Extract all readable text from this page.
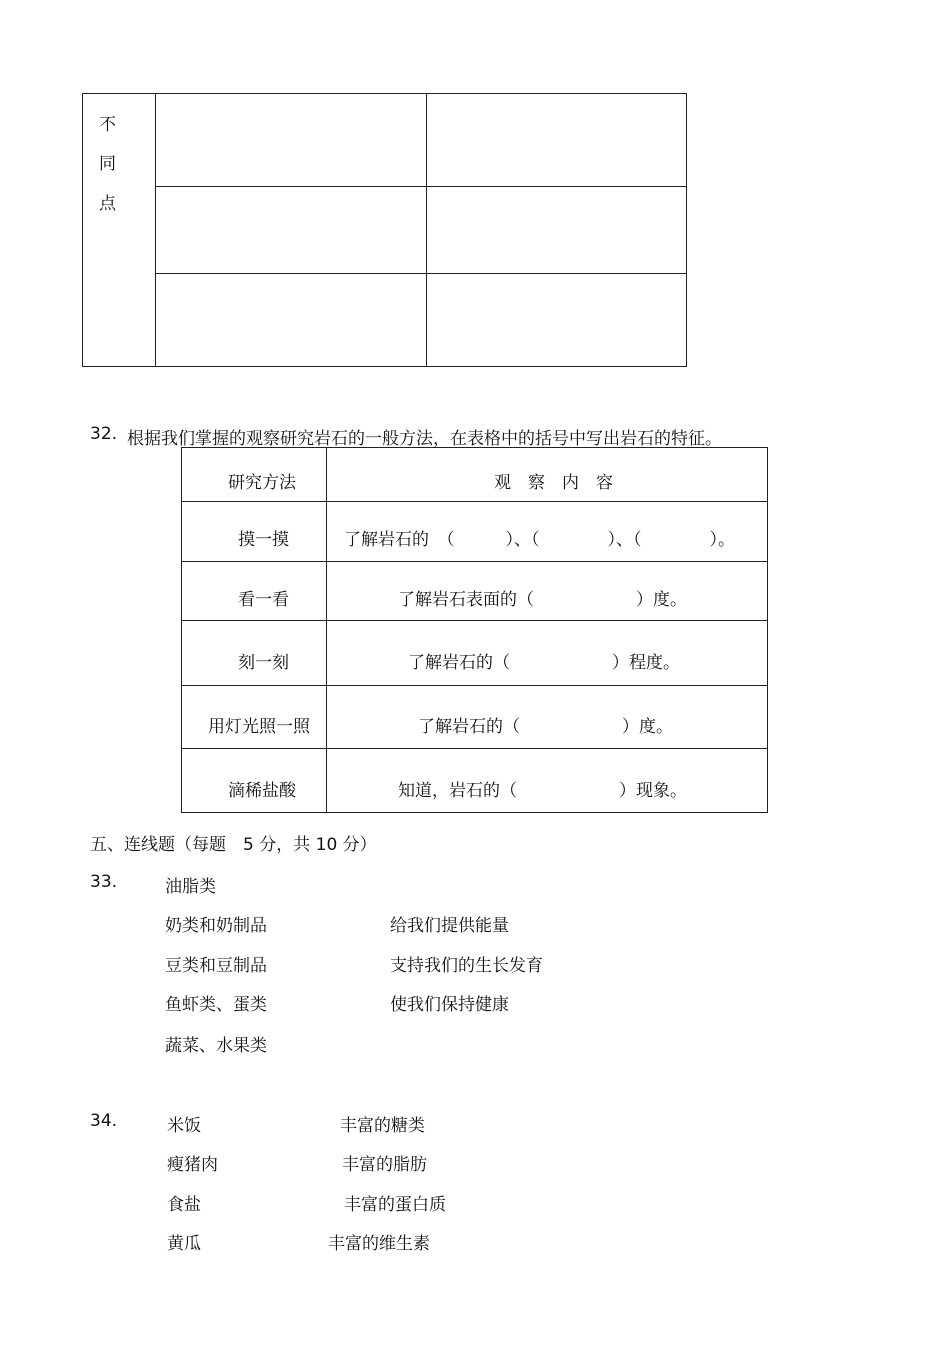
不
同
点
32. 根据我们掌握的观察研究岩石的一般方法，在表格中的括号中写出岩石的特征。
研究方法	观　察　内　容
摸一摸	了解岩石的　（　　　）、（　　　　）、（　　　　）。
看一看	了解岩石表面的（　　　　　　）度。
刻一刻	了解岩石的（　　　　　　）程度。
用灯光照一照	了解岩石的（　　　　　　）度。
滴稀盐酸	知道，岩石的（　　　　　　）现象。
五、连线题（每题　5 分，共 10 分）
33.	油脂类
奶类和奶制品
豆类和豆制品
鱼虾类、蛋类
蔬菜、水果类
给我们提供能量
支持我们的生长发育
使我们保持健康
34.	米饭
瘦猪肉
食盐
黄瓜
丰富的糖类
丰富的脂肪
丰富的蛋白质
丰富的维生素
